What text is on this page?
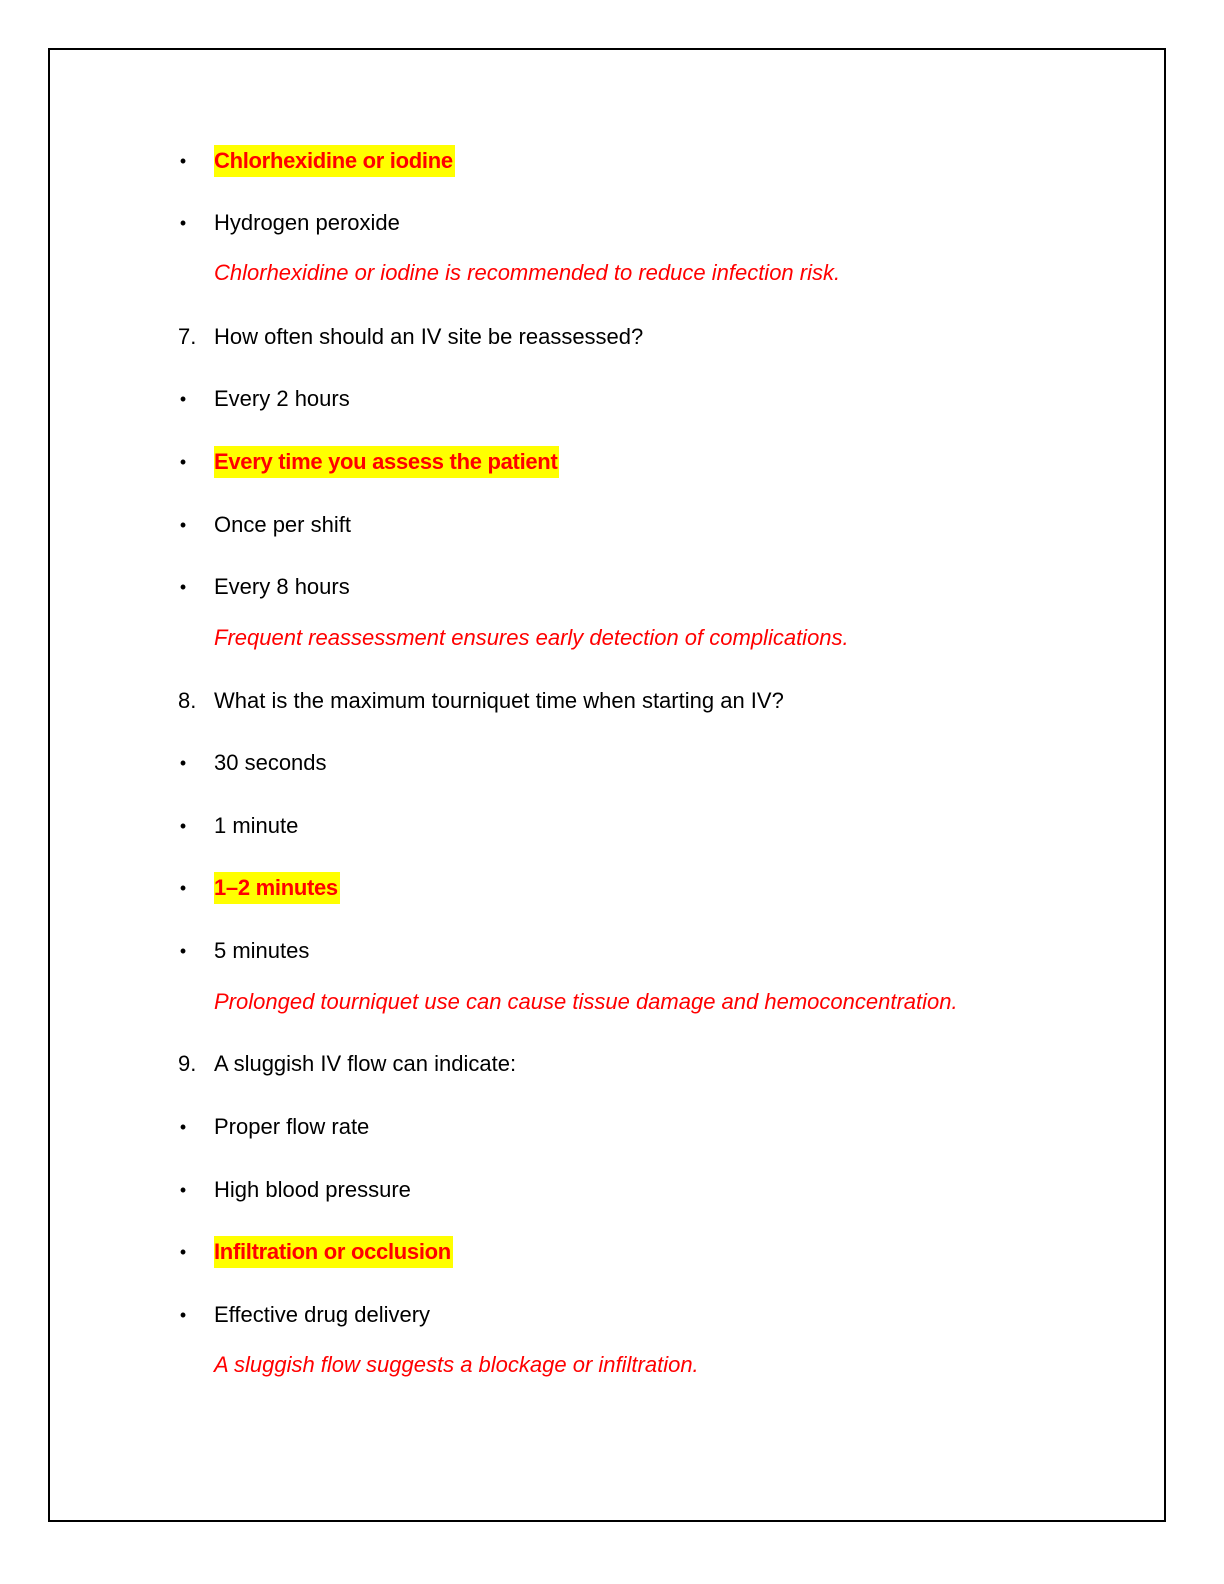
• Chlorhexidine or iodine
• Hydrogen peroxide
Chlorhexidine or iodine is recommended to reduce infection risk.
7. How often should an IV site be reassessed?
• Every 2 hours
• Every time you assess the patient
• Once per shift
• Every 8 hours
Frequent reassessment ensures early detection of complications.
8. What is the maximum tourniquet time when starting an IV?
• 30 seconds
• 1 minute
• 1–2 minutes
• 5 minutes
Prolonged tourniquet use can cause tissue damage and hemoconcentration.
9. A sluggish IV flow can indicate:
• Proper flow rate
• High blood pressure
• Infiltration or occlusion
• Effective drug delivery
A sluggish flow suggests a blockage or infiltration.
